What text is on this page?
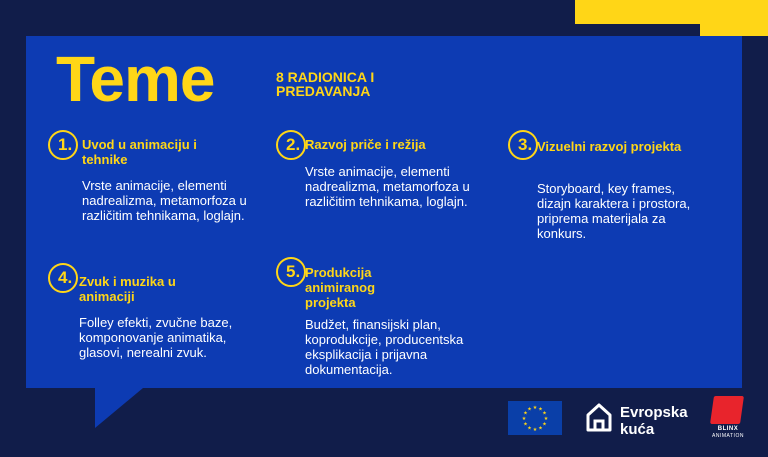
Teme	8 RADIONICA I PREDAVANJA
1. Uvod u animaciju i tehnike
Vrste animacije, elementi nadrealizma, metamorfoza u različitim tehnikama, loglajn.
2. Razvoj priče i režija
Vrste animacije, elementi nadrealizma, metamorfoza u različitim tehnikama, loglajn.
3. Vizuelni razvoj projekta
Storyboard, key frames, dizajn karaktera i prostora, priprema materijala za konkurs.
4. Zvuk i muzika u animaciji
Folley efekti, zvučne baze, komponovanje animatika, glasovi, nerealni zvuk.
5. Produkcija animiranog projekta
Budžet, finansijski plan, koprodukcije, producentska eksplikacija i prijavna dokumentacija.
★ ★
★
★
★
★
★
★
★
★
★
★	Evropska
kuća	BLINX
ANIMATION
